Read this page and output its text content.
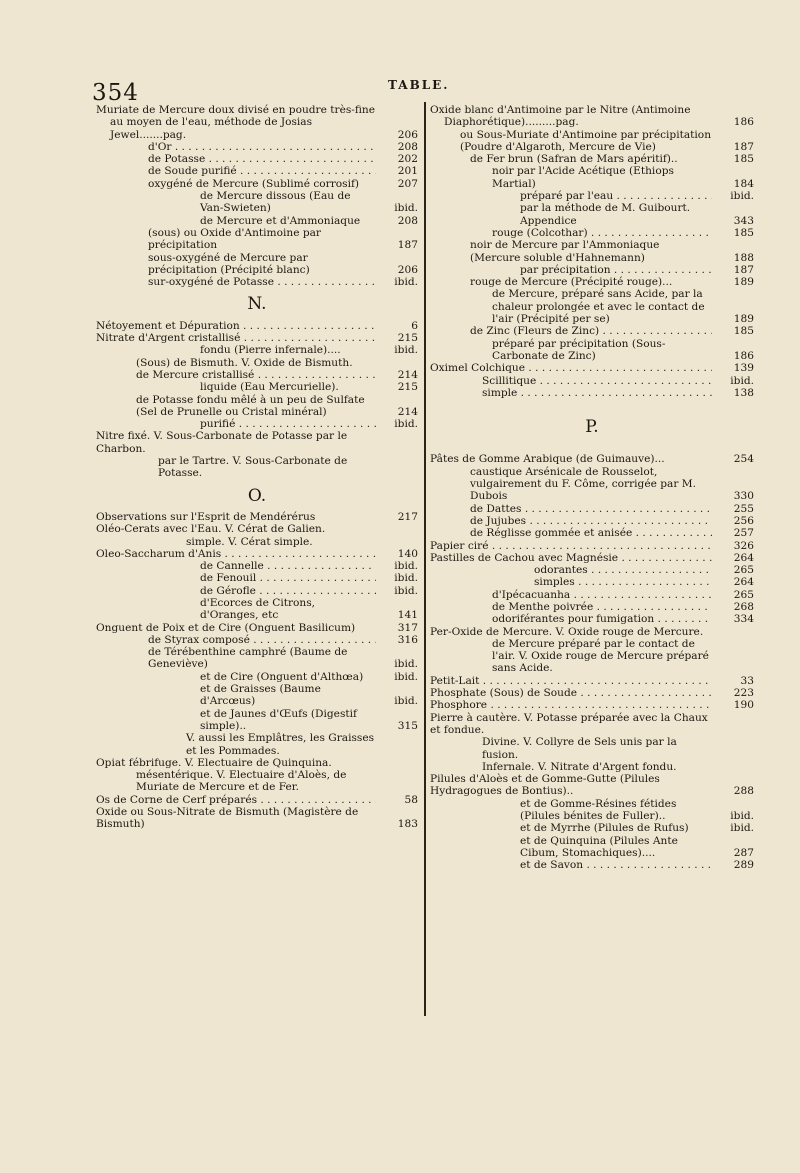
354	TABLE.
Muriate de Mercure doux divisé en poudre très-fine au moyen de l'eau, méthode de Josias Jewel.......pag.	206
d'Or . . .	208
de Potasse . . .	202
de Soude purifié . . .	201
oxygéné de Mercure (Sublimé corrosif)	207
de Mercure dissous (Eau de Van-Swieten)	ibid.
de Mercure et d'Ammoniaque	208
(sous) ou Oxide d'Antimoine par précipitation	187
sous-oxygéné de Mercure par précipitation (Précipité blanc)	206
sur-oxygéné de Potasse . . .	ibid.
N.
Nétoyement et Dépuration . . .	6
Nitrate d'Argent cristallisé . . .	215
fondu (Pierre infernale)....	ibid.
(Sous) de Bismuth. V. Oxide de Bismuth.
de Mercure cristallisé . . .	214
liquide (Eau Mercurielle).	215
de Potasse fondu mêlé à un peu de Sulfate (Sel de Prunelle ou Cristal minéral)	214
purifié . . .	ibid.
Nitre fixé. V. Sous-Carbonate de Potasse par le Charbon.
par le Tartre. V. Sous-Carbonate de Potasse.
O.
Observations sur l'Esprit de Mendérérus	217
Oléo-Cerats avec l'Eau. V. Cérat de Galien.
simple. V. Cérat simple.
Oleo-Saccharum d'Anis . . .	140
de Cannelle . . .	ibid.
de Fenouil . . .	ibid.
de Gérofle . . .	ibid.
d'Ecorces de Citrons, d'Oranges, etc	141
Onguent de Poix et de Cire (Onguent Basilicum)	317
de Styrax composé . . .	316
de Térébenthine camphré (Baume de Geneviève)	ibid.
et de Cire (Onguent d'Althœa)	ibid.
et de Graisses (Baume d'Arcœus)	ibid.
et de Jaunes d'Œufs (Digestif simple)..	315
V. aussi les Emplâtres, les Graisses et les Pommades.
Opiat fébrifuge. V. Electuaire de Quinquina.
mésentérique. V. Electuaire d'Aloès, de Muriate de Mercure et de Fer.
Os de Corne de Cerf préparés . . .	58
Oxide ou Sous-Nitrate de Bismuth (Magistère de Bismuth)	183
Oxide blanc d'Antimoine par le Nitre (Antimoine Diaphorétique).........pag.	186
ou Sous-Muriate d'Antimoine par précipitation (Poudre d'Algaroth, Mercure de Vie)	187
de Fer brun (Safran de Mars apéritif)..	185
noir par l'Acide Acétique (Ethiops Martial)	184
préparé par l'eau . . .	ibid.
par la méthode de M. Guibourt. Appendice	343
rouge (Colcothar) . . .	185
noir de Mercure par l'Ammoniaque (Mercure soluble d'Hahnemann)	188
par précipitation . . .	187
rouge de Mercure (Précipité rouge)...	189
de Mercure, préparé sans Acide, par la chaleur prolongée et avec le contact de l'air (Précipité per se)	189
de Zinc (Fleurs de Zinc) . . .	185
préparé par précipitation (Sous-Carbonate de Zinc)	186
Oximel Colchique . . .	139
Scillitique . . .	ibid.
simple . . .	138
P.
Pâtes de Gomme Arabique (de Guimauve)...	254
caustique Arsénicale de Rousselot, vulgairement du F. Côme, corrigée par M. Dubois	330
de Dattes . . .	255
de Jujubes . . .	256
de Réglisse gommée et anisée . . .	257
Papier ciré . . .	326
Pastilles de Cachou avec Magnésie . . .	264
odorantes . . .	265
simples . . .	264
d'Ipécacuanha . . .	265
de Menthe poivrée . . .	268
odoriférantes pour fumigation . . .	334
Per-Oxide de Mercure. V. Oxide rouge de Mercure.
de Mercure préparé par le contact de l'air. V. Oxide rouge de Mercure préparé sans Acide.
Petit-Lait . . .	33
Phosphate (Sous) de Soude . . .	223
Phosphore . . .	190
Pierre à cautère. V. Potasse préparée avec la Chaux et fondue.
Divine. V. Collyre de Sels unis par la fusion.
Infernale. V. Nitrate d'Argent fondu.
Pilules d'Aloès et de Gomme-Gutte (Pilules Hydragogues de Bontius)..	288
et de Gomme-Résines fétides (Pilules bénites de Fuller)..	ibid.
et de Myrrhe (Pilules de Rufus)	ibid.
et de Quinquina (Pilules Ante Cibum, Stomachiques)....	287
et de Savon . . .	289
